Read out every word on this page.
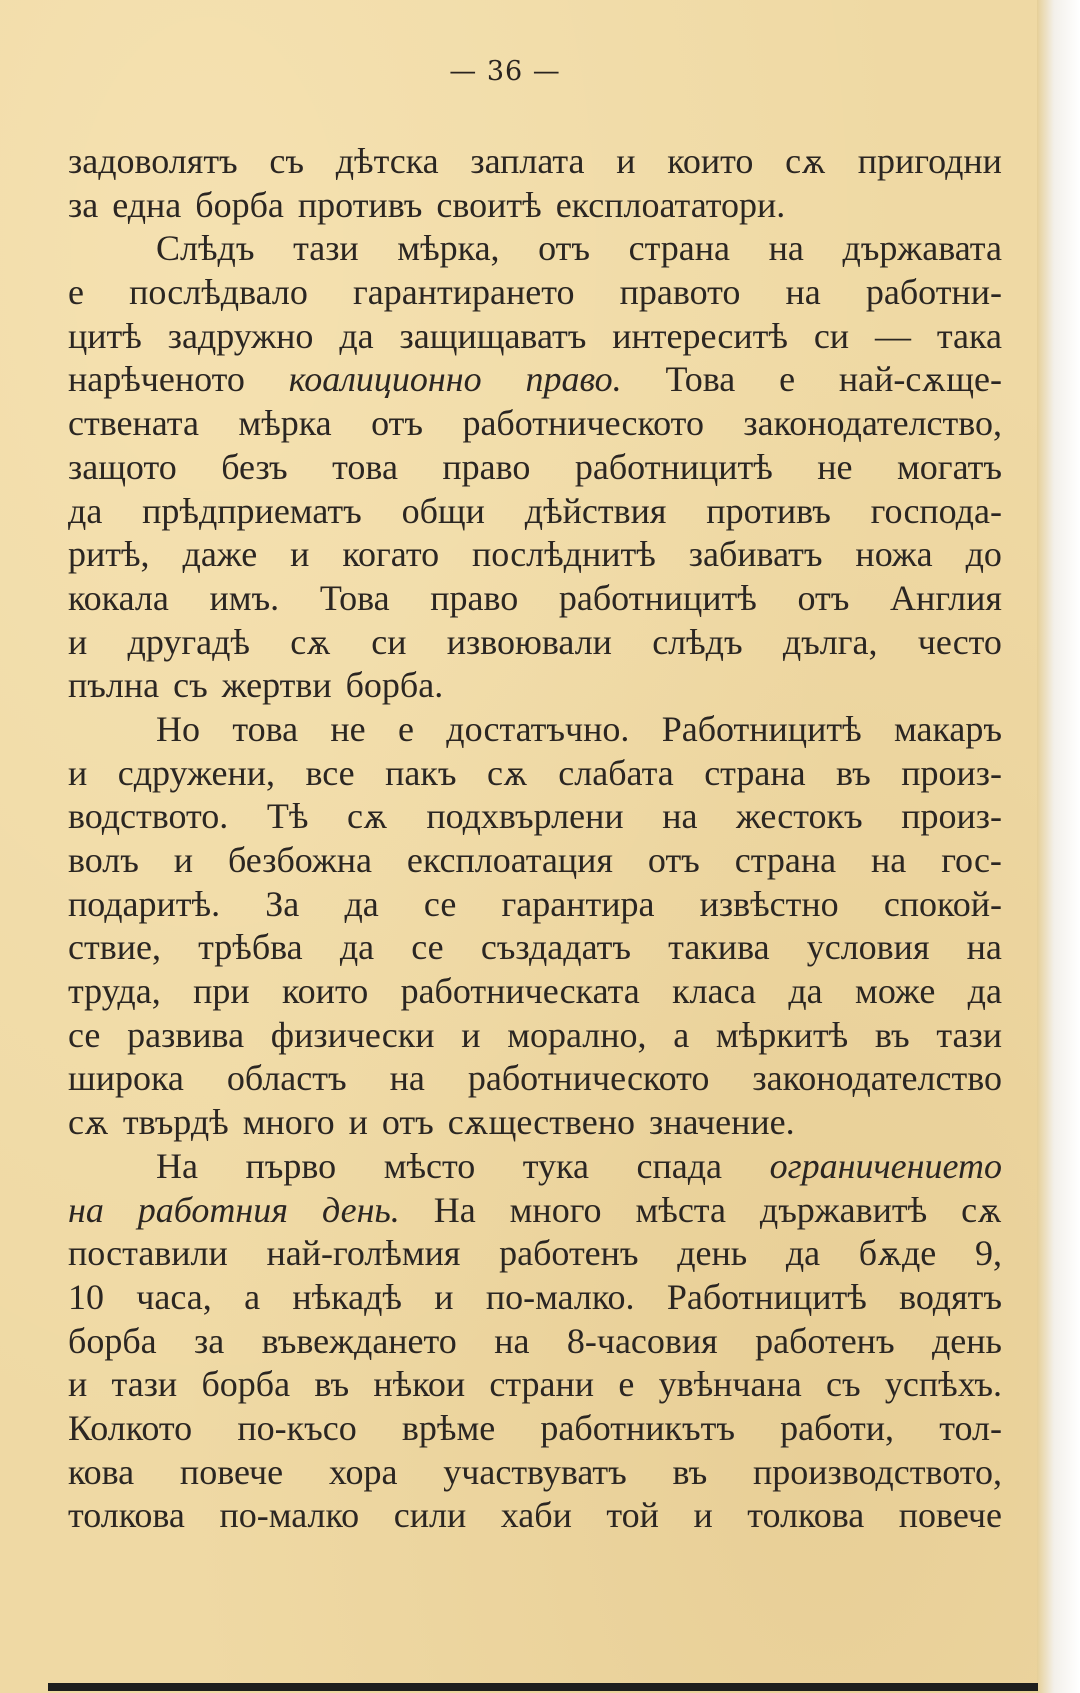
— 36 —
задоволятъ съ дѣтска заплата и които сѫ пригодни
за една борба противъ своитѣ експлоататори.
Слѣдъ тази мѣрка, отъ страна на държавата
е послѣдвало гарантирането правото на работни-
цитѣ задружно да защищаватъ интереситѣ си — така
нарѣченото коалиционно право. Това е най-сѫще-
ствената мѣрка отъ работническото законодателство,
защото безъ това право работницитѣ не могатъ
да прѣдприематъ общи дѣйствия противъ господа-
ритѣ, даже и когато послѣднитѣ забиватъ ножа до
кокала имъ. Това право работницитѣ отъ Англия
и другадѣ сѫ си извоювали слѣдъ дълга, често
пълна съ жертви борба.
Но това не е достатъчно. Работницитѣ макаръ
и сдружени, все пакъ сѫ слабата страна въ произ-
водството. Тѣ сѫ подхвърлени на жестокъ произ-
волъ и безбожна експлоатация отъ страна на гос-
подаритѣ. За да се гарантира извѣстно спокой-
ствие, трѣбва да се създадатъ такива условия на
труда, при които работническата класа да може да
се развива физически и морално, а мѣркитѣ въ тази
широка областъ на работническото законодателство
сѫ твърдѣ много и отъ сѫществено значение.
На първо мѣсто тука спада ограничението
на работния день. На много мѣста държавитѣ сѫ
поставили най-голѣмия работенъ день да бѫде 9,
10 часа, а нѣкадѣ и по-малко. Работницитѣ водятъ
борба за въвеждането на 8-часовия работенъ день
и тази борба въ нѣкои страни е увѣнчана съ успѣхъ.
Колкото по-късо врѣме работникътъ работи, тол-
кова повече хора участвуватъ въ производството,
толкова по-малко сили хаби той и толкова повече
